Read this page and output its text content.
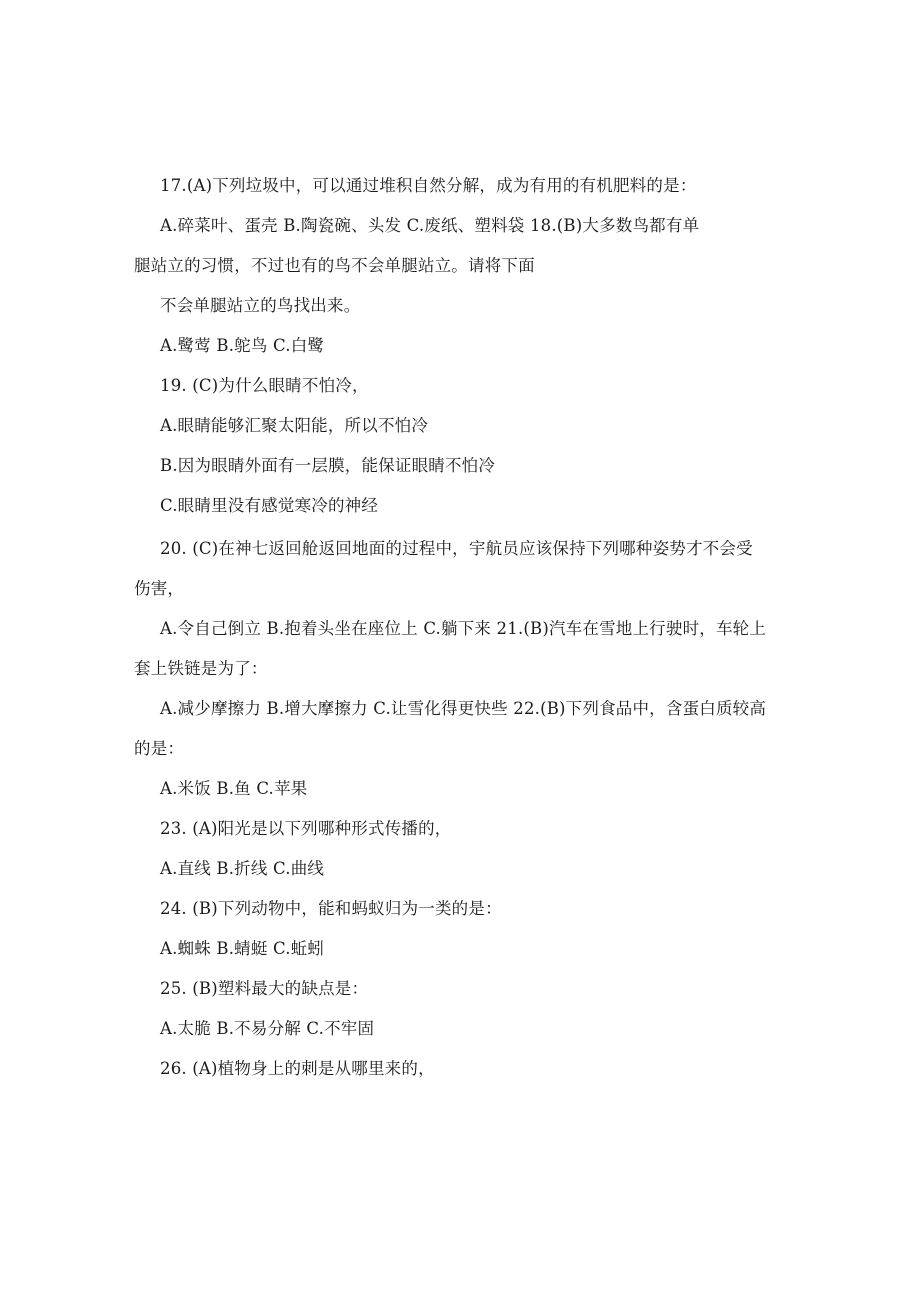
17.(A)下列垃圾中，可以通过堆积自然分解，成为有用的有机肥料的是：
A.碎菜叶、蛋壳 B.陶瓷碗、头发 C.废纸、塑料袋 18.(B)大多数鸟都有单
腿站立的习惯，不过也有的鸟不会单腿站立。请将下面
不会单腿站立的鸟找出来。
A.鹭莺 B.鸵鸟 C.白鹭
19. (C)为什么眼睛不怕冷，
A.眼睛能够汇聚太阳能，所以不怕冷
B.因为眼睛外面有一层膜，能保证眼睛不怕冷
C.眼睛里没有感觉寒冷的神经
20. (C)在神七返回舱返回地面的过程中，宇航员应该保持下列哪种姿势才不会受
伤害，
A.令自己倒立 B.抱着头坐在座位上 C.躺下来 21.(B)汽车在雪地上行驶时，车轮上
套上铁链是为了：
A.减少摩擦力 B.增大摩擦力 C.让雪化得更快些 22.(B)下列食品中，含蛋白质较高
的是：
A.米饭 B.鱼 C.苹果
23. (A)阳光是以下列哪种形式传播的，
A.直线 B.折线 C.曲线
24. (B)下列动物中，能和蚂蚁归为一类的是：
A.蜘蛛 B.蜻蜓 C.蚯蚓
25. (B)塑料最大的缺点是：
A.太脆 B.不易分解 C.不牢固
26. (A)植物身上的刺是从哪里来的，
